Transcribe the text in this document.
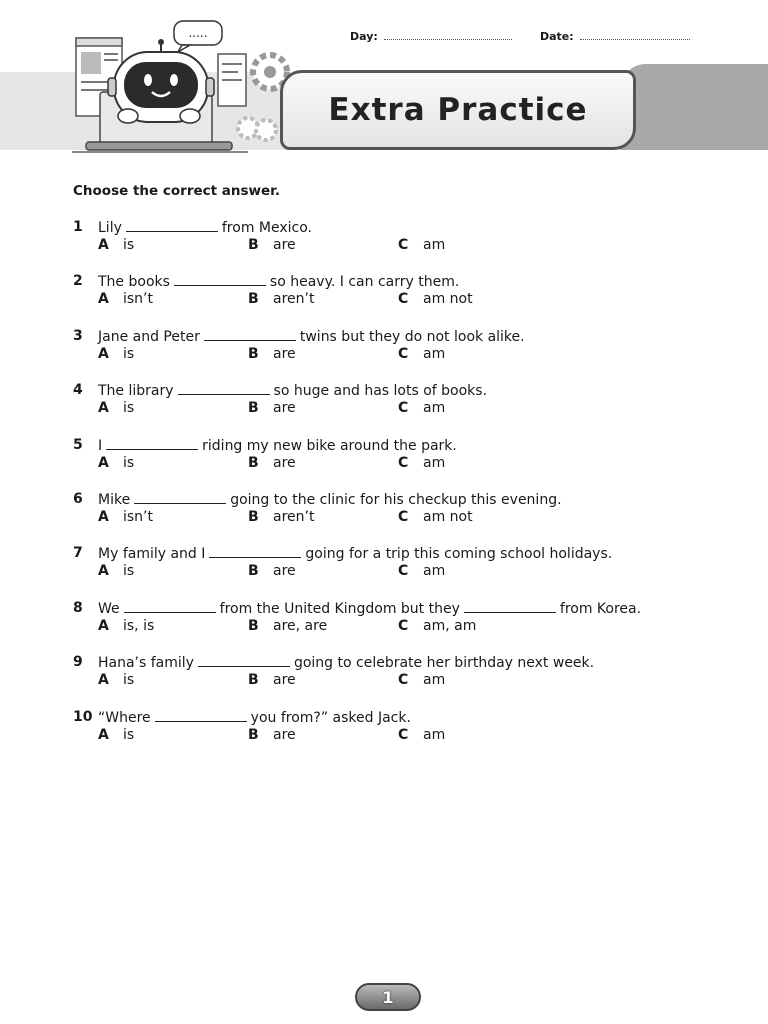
.....	Day:	Date:
Extra Practice
Choose the correct answer.
1	Lily	from Mexico.
A is	B are	C am
2	The books	so heavy. I can carry them.
A isn’t	B aren’t	C am not
3	Jane and Peter	twins but they do not look alike.
A is	B are	C am
4	The library	so huge and has lots of books.
A is	B are	C am
5	I	riding my new bike around the park.
A is	B are	C am
6	Mike	going to the clinic for his checkup this evening.
A isn’t	B aren’t	C am not
7	My family and I	going for a trip this coming school holidays.
A is	B are	C am
8	We	from the United Kingdom but they	from Korea.
A is, is	B are, are	C am, am
9	Hana’s family	going to celebrate her birthday next week.
A is	B are	C am
10 “Where	you from?” asked Jack.
A is	B are	C am
1
